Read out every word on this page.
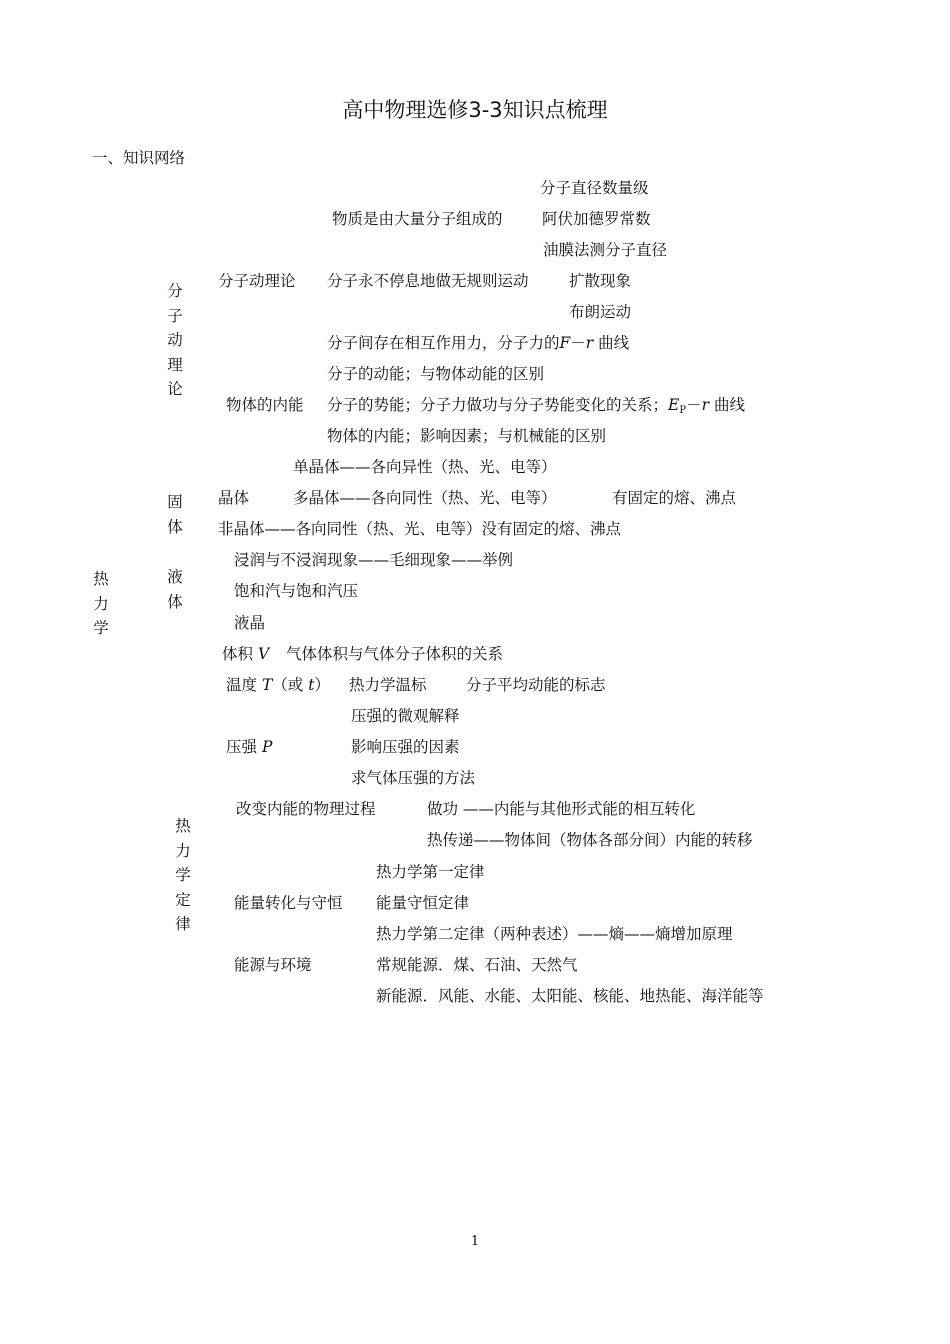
高中物理选修3-3知识点梳理
一、知识网络
热
力
学
分
子
动
理
论
固
体
液
体
热
力
学
定
律
分子直径数量级
物质是由大量分子组成的	阿伏加德罗常数
油膜法测分子直径
分子动理论 分子永不停息地做无规则运动	扩散现象
布朗运动
分子间存在相互作用力，分子力的F－r 曲线
分子的动能；与物体动能的区别
物体的内能 分子的势能；分子力做功与分子势能变化的关系；$E_P-r$ 曲线
物体的内能；影响因素；与机械能的区别
单晶体——各向异性（热、光、电等）
晶体	多晶体——各向同性（热、光、电等）	有固定的熔、沸点
非晶体——各向同性（热、光、电等）没有固定的熔、沸点
浸润与不浸润现象——毛细现象——举例
饱和汽与饱和汽压
液晶
体积 V 气体体积与气体分子体积的关系
温度 T（或 t） 热力学温标	分子平均动能的标志
压强的微观解释
压强 P	影响压强的因素
求气体压强的方法
改变内能的物理过程	做功 ——内能与其他形式能的相互转化
热传递——物体间（物体各部分间）内能的转移
热力学第一定律
能量转化与守恒 能量守恒定律
热力学第二定律（两种表述）——熵——熵增加原理
能源与环境	常规能源．煤、石油、天然气
新能源．风能、水能、太阳能、核能、地热能、海洋能等
1
